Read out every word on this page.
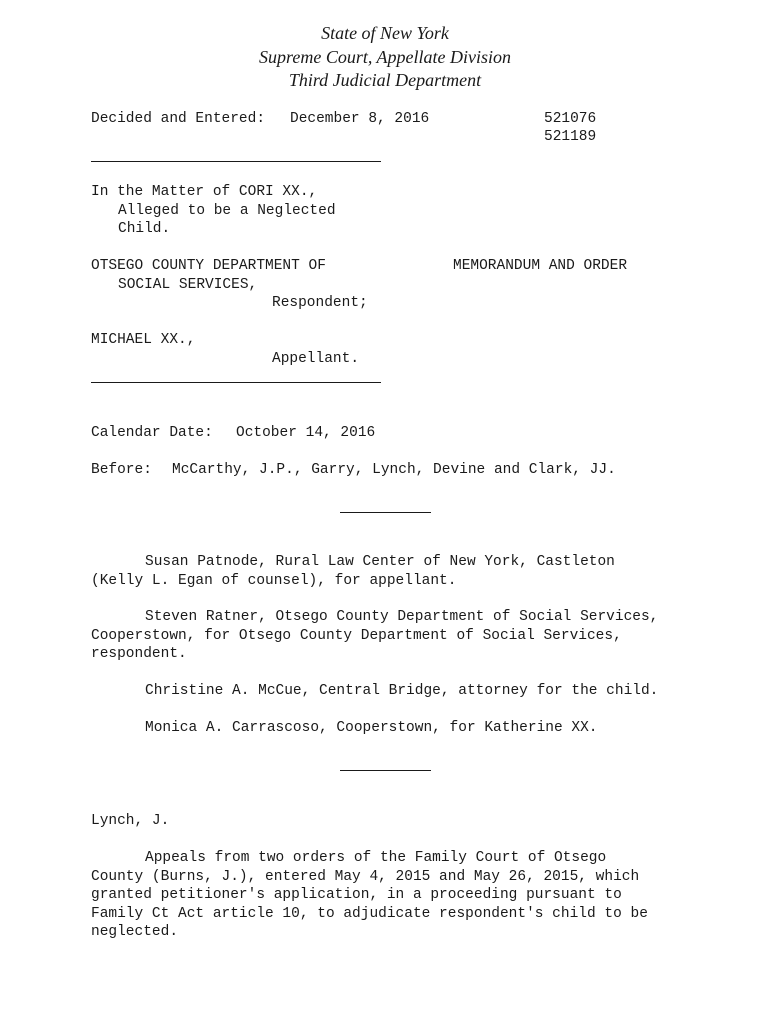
State of New York
Supreme Court, Appellate Division
Third Judicial Department
Decided and Entered: December 8, 2016	521076
521189
In the Matter of CORI XX.,
Alleged to be a Neglected
Child.
OTSEGO COUNTY DEPARTMENT OF	MEMORANDUM AND ORDER
SOCIAL SERVICES,
Respondent;
MICHAEL XX.,
Appellant.
Calendar Date: October 14, 2016
Before: McCarthy, J.P., Garry, Lynch, Devine and Clark, JJ.
Susan Patnode, Rural Law Center of New York, Castleton
(Kelly L. Egan of counsel), for appellant.
Steven Ratner, Otsego County Department of Social Services,
Cooperstown, for Otsego County Department of Social Services,
respondent.
Christine A. McCue, Central Bridge, attorney for the child.
Monica A. Carrascoso, Cooperstown, for Katherine XX.
Lynch, J.
Appeals from two orders of the Family Court of Otsego
County (Burns, J.), entered May 4, 2015 and May 26, 2015, which
granted petitioner's application, in a proceeding pursuant to
Family Ct Act article 10, to adjudicate respondent's child to be
neglected.
